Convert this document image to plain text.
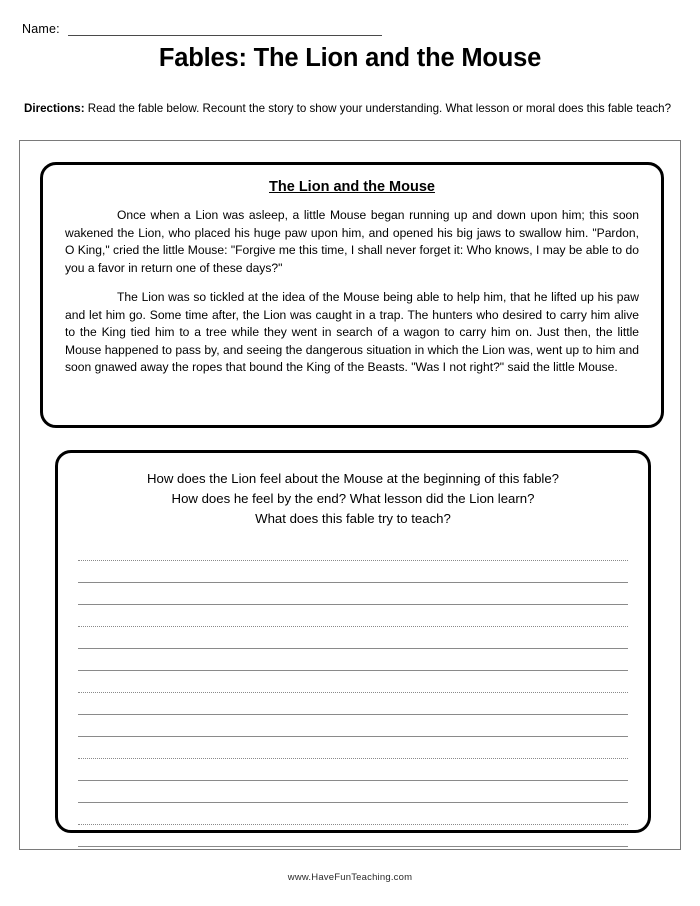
Name:
Fables: The Lion and the Mouse
Directions: Read the fable below. Recount the story to show your understanding. What lesson or moral does this fable teach?
The Lion and the Mouse

Once when a Lion was asleep, a little Mouse began running up and down upon him; this soon wakened the Lion, who placed his huge paw upon him, and opened his big jaws to swallow him. "Pardon, O King," cried the little Mouse: "Forgive me this time, I shall never forget it: Who knows, I may be able to do you a favor in return one of these days?"

The Lion was so tickled at the idea of the Mouse being able to help him, that he lifted up his paw and let him go. Some time after, the Lion was caught in a trap. The hunters who desired to carry him alive to the King tied him to a tree while they went in search of a wagon to carry him on. Just then, the little Mouse happened to pass by, and seeing the dangerous situation in which the Lion was, went up to him and soon gnawed away the ropes that bound the King of the Beasts. "Was I not right?" said the little Mouse.

How does the Lion feel about the Mouse at the beginning of this fable?
How does he feel by the end? What lesson did the Lion learn?
What does this fable try to teach?
www.HaveFunTeaching.com
